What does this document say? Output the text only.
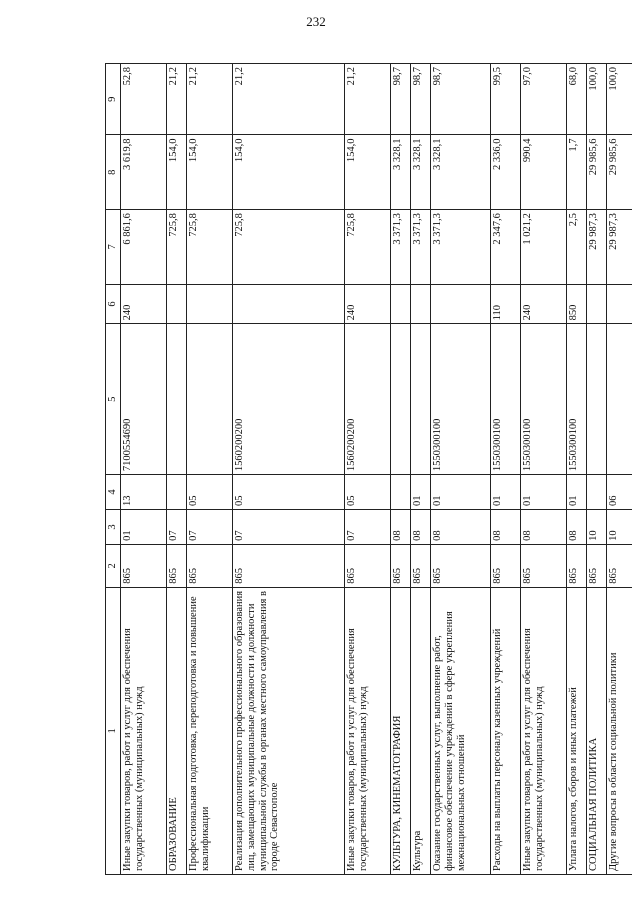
232
1	2	3	4	5	6	7	8	9
Иные закупки товаров, работ и услуг для обеспечения государственных (муниципальных) нужд	865	01	13	7100554690	240	6 861,6	3 619,8	52,8
ОБРАЗОВАНИЕ	865	07				725,8	154,0	21,2
Профессиональная подготовка, переподготовка и повышение квалификации	865	07	05			725,8	154,0	21,2
Реализация дополнительного профессионального образования лиц, замещающих муниципальные должности и должности муниципальной службы в органах местного самоуправления в городе Севастополе	865	07	05	1560200200		725,8	154,0	21,2
Иные закупки товаров, работ и услуг для обеспечения государственных (муниципальных) нужд	865	07	05	1560200200	240	725,8	154,0	21,2
КУЛЬТУРА, КИНЕМАТОГРАФИЯ	865	08				3 371,3	3 328,1	98,7
Культура	865	08	01			3 371,3	3 328,1	98,7
Оказание государственных услуг, выполнение работ, финансовое обеспечение учреждений в сфере укрепления межнациональных отношений	865	08	01	1550300100		3 371,3	3 328,1	98,7
Расходы на выплаты персоналу казенных учреждений	865	08	01	1550300100	110	2 347,6	2 336,0	99,5
Иные закупки товаров, работ и услуг для обеспечения государственных (муниципальных) нужд	865	08	01	1550300100	240	1 021,2	990,4	97,0
Уплата налогов, сборов и иных платежей	865	08	01	1550300100	850	2,5	1,7	68,0
СОЦИАЛЬНАЯ ПОЛИТИКА	865	10				29 987,3	29 985,6	100,0
Другие вопросы в области социальной политики	865	10	06			29 987,3	29 985,6	100,0
